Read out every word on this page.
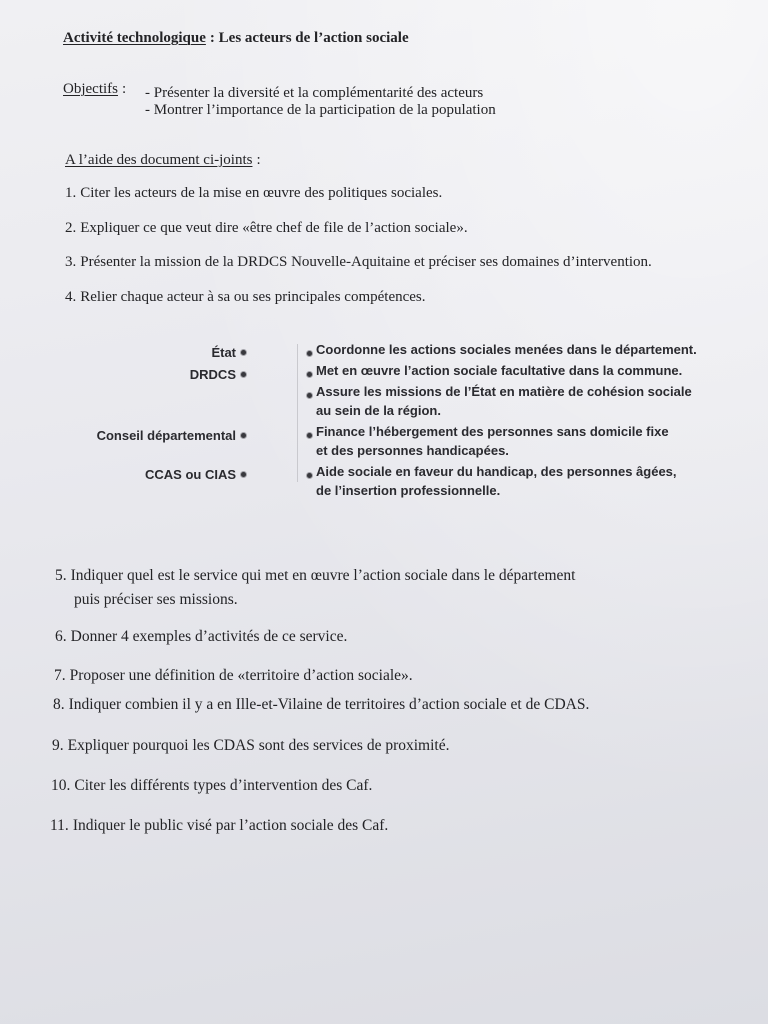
Activité technologique : Les acteurs de l’action sociale
Objectifs : - Présenter la diversité et la complémentarité des acteurs
- Montrer l’importance de la participation de la population
A l’aide des document ci-joints :
1. Citer les acteurs de la mise en œuvre des politiques sociales.
2. Expliquer ce que veut dire «être chef de file de l’action sociale».
3. Présenter la mission de la DRDCS Nouvelle-Aquitaine et préciser ses domaines d’intervention.
4. Relier chaque acteur à sa ou ses principales compétences.
État
DRDCS
Conseil départemental
CCAS ou CIAS
Coordonne les actions sociales menées dans le département.
Met en œuvre l’action sociale facultative dans la commune.
Assure les missions de l’État en matière de cohésion sociale
au sein de la région.
Finance l’hébergement des personnes sans domicile fixe
et des personnes handicapées.
Aide sociale en faveur du handicap, des personnes âgées,
de l’insertion professionnelle.
5. Indiquer quel est le service qui met en œuvre l’action sociale dans le département
puis préciser ses missions.
6. Donner 4 exemples d’activités de ce service.
7. Proposer une définition de «territoire d’action sociale».
8. Indiquer combien il y a en Ille-et-Vilaine de territoires d’action sociale et de CDAS.
9. Expliquer pourquoi les CDAS sont des services de proximité.
10. Citer les différents types d’intervention des Caf.
11. Indiquer le public visé par l’action sociale des Caf.
